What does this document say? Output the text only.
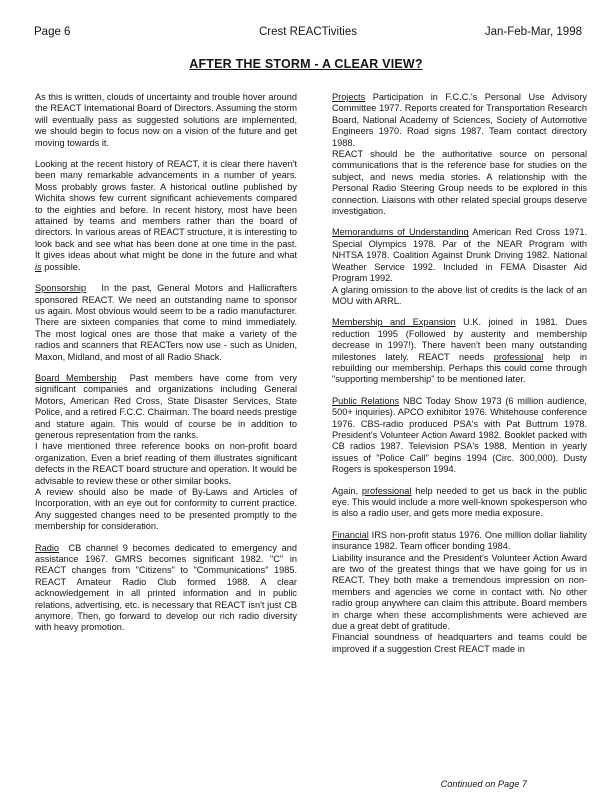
Page 6	Crest REACTivities	Jan-Feb-Mar, 1998
AFTER THE STORM - A CLEAR VIEW?

As this is written, clouds of uncertainty and trouble hover around the REACT International Board of Directors. Assuming the storm will eventually pass as suggested solutions are implemented, we should begin to focus now on a vision of the future and get moving towards it.

Looking at the recent history of REACT, it is clear there haven't been many remarkable advancements in a number of years. Moss probably grows faster. A historical outline published by Wichita shows few current significant achievements compared to the eighties and before. In recent history, most have been attained by teams and members rather than the board of directors. In various areas of REACT structure, it is interesting to look back and see what has been done at one time in the past. It gives ideas about what might be done in the future and what is possible.

Sponsorship In the past, General Motors and Hallicrafters sponsored REACT. We need an outstanding name to sponsor us again. Most obvious would seem to be a radio manufacturer. There are sixteen companies that come to mind immediately. The most logical ones are those that make a variety of the radios and scanners that REACTers now use - such as Uniden, Maxon, Midland, and most of all Radio Shack.

Board Membership Past members have come from very significant companies and organizations including General Motors, American Red Cross, State Disaster Services, State Police, and a retired F.C.C. Chairman. The board needs prestige and stature again. This would of course be in addition to generous representation from the ranks.

I have mentioned three reference books on non-profit board organization. Even a brief reading of them illustrates significant defects in the REACT board structure and operation. It would be advisable to review these or other similar books.

A review should also be made of By-Laws and Articles of Incorporation, with an eye out for conformity to current practice. Any suggested changes need to be presented promptly to the membership for consideration.

Radio CB channel 9 becomes dedicated to emergency and assistance 1967. GMRS becomes significant 1982. "C" in REACT changes from "Citizens" to "Communications" 1985. REACT Amateur Radio Club formed 1988. A clear acknowledgement in all printed information and in public relations, advertising, etc. is necessary that REACT isn't just CB anymore. Then, go forward to develop our rich radio diversity with heavy promotion.

Projects Participation in F.C.C.'s Personal Use Advisory Committee 1977. Reports created for Transportation Research Board, National Academy of Sciences, Society of Automotive Engineers 1970. Road signs 1987. Team contact directory 1988.

REACT should be the authoritative source on personal communications that is the reference base for studies on the subject, and news media stories. A relationship with the Personal Radio Steering Group needs to be explored in this connection. Liaisons with other related special groups deserve investigation.

Memorandums of Understanding American Red Cross 1971. Special Olympics 1978. Par of the NEAR Program with NHTSA 1978. Coalition Against Drunk Driving 1982. National Weather Service 1992. Included in FEMA Disaster Aid Program 1992.

A glaring omission to the above list of credits is the lack of an MOU with ARRL.

Membership and Expansion U.K. joined in 1981. Dues reduction 1995 (Followed by austerity and membership decrease in 1997!). There haven't been many outstanding milestones lately. REACT needs professional help in rebuilding our membership. Perhaps this could come through "supporting membership" to be mentioned later.

Public Relations NBC Today Show 1973 (6 million audience, 500+ inquiries). APCO exhibitor 1976. Whitehouse conference 1976. CBS-radio produced PSA's with Pat Buttrum 1978. President's Volunteer Action Award 1982. Booklet packed with CB radios 1987. Television PSA's 1988. Mention in yearly issues of "Police Call" begins 1994 (Circ. 300,000). Dusty Rogers is spokesperson 1994.

Again, professional help needed to get us back in the public eye. This would include a more well-known spokesperson who is also a radio user, and gets more media exposure.

Financial IRS non-profit status 1976. One million dollar liability insurance 1982. Team officer bonding 1984.

Liability insurance and the President's Volunteer Action Award are two of the greatest things that we have going for us in REACT. They both make a tremendous impression on non-members and agencies we come in contact with. No other radio group anywhere can claim this attribute. Board members in charge when these accomplishments were achieved are due a great debt of gratitude.

Financial soundness of headquarters and teams could be improved if a suggestion Crest REACT made in

Continued on Page 7
